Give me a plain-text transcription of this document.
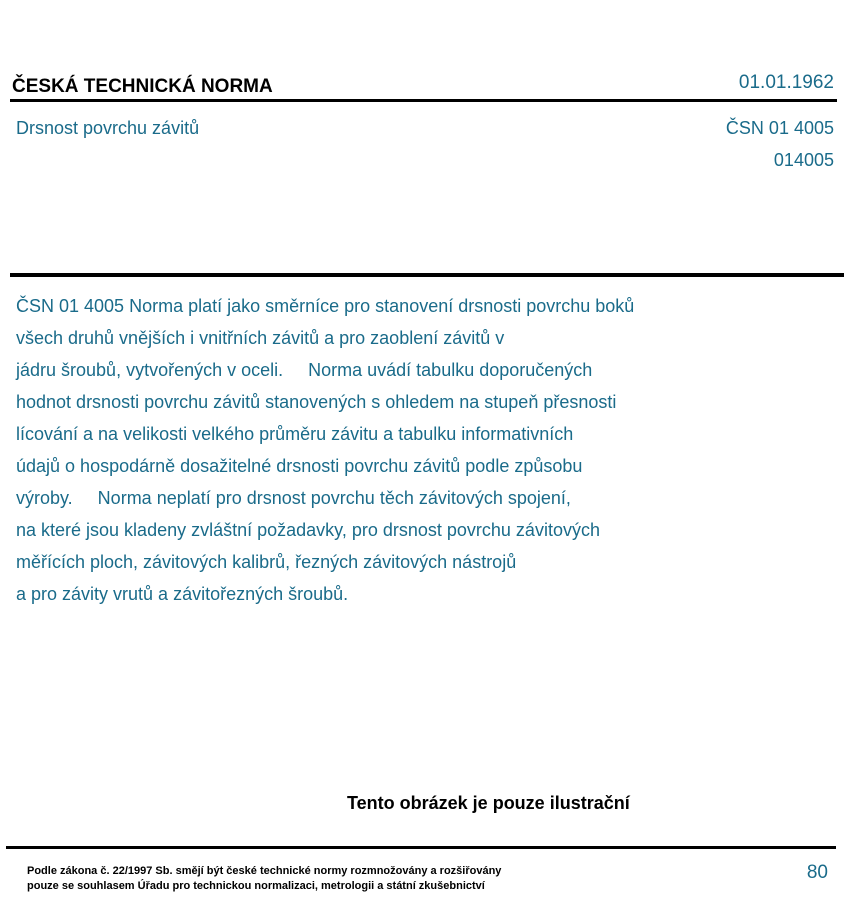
ČESKÁ TECHNICKÁ NORMA	01.01.1962
Drsnost povrchu závitů	ČSN 01 4005
014005
ČSN 01 4005 Norma platí jako směrníce pro stanovení drsnosti povrchu boků
všech druhů vnějších i vnitřních závitů a pro zaoblení závitů v
jádru šroubů, vytvořených v oceli.     Norma uvádí tabulku doporučených
hodnot drsnosti povrchu závitů stanovených s ohledem na stupeň přesnosti
lícování a na velikosti velkého průměru závitu a tabulku informativních
údajů o hospodárně dosažitelné drsnosti povrchu závitů podle způsobu
výroby.     Norma neplatí pro drsnost povrchu těch závitových spojení,
na které jsou kladeny zvláštní požadavky, pro drsnost povrchu závitových
měřících ploch, závitových kalibrů, řezných závitových nástrojů
a pro závity vrutů a závitořezných šroubů.
Tento obrázek je pouze ilustrační
Podle zákona č. 22/1997 Sb. smějí být české technické normy rozmnožovány a rozšiřovány
pouze se souhlasem Úřadu pro technickou normalizaci, metrologii a státní zkušebnictví
80
